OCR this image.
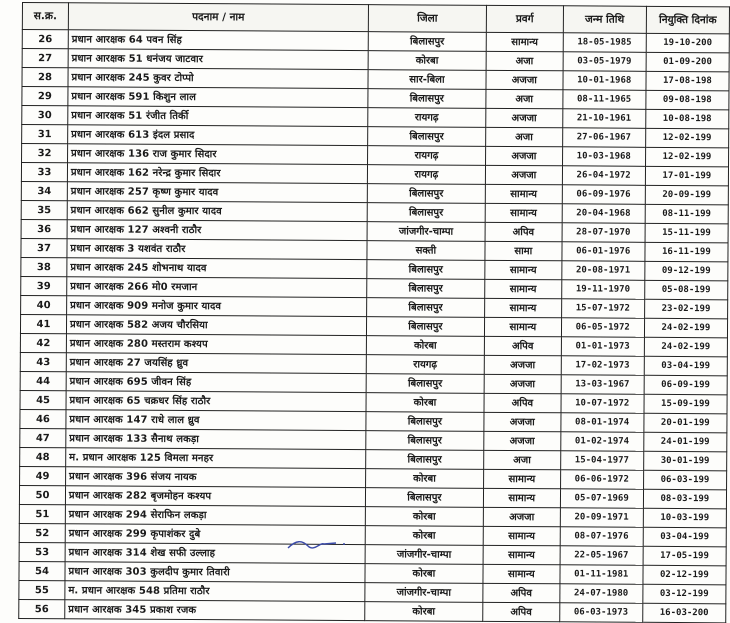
स.क्र.	पदनाम / नाम	जिला	प्रवर्ग	जन्म तिथि	नियुक्ति दिनांक
26	प्रधान आरक्षक 64 पवन सिंह	बिलासपुर	सामान्य	18-05-1985	19-10-200
27	प्रधान आरक्षक 51 धनंजय जाटवार	कोरबा	अजा	03-05-1979	01-09-200
28	प्रधान आरक्षक 245 कुवर टोप्पो	सार-बिला	अजजा	10-01-1968	17-08-198
29	प्रधान आरक्षक 591 किशुन लाल	बिलासपुर	अजा	08-11-1965	09-08-198
30	प्रधान आरक्षक 51 रंजीत तिर्की	रायगढ़	अजजा	21-10-1961	10-08-198
31	प्रधान आरक्षक 613 इंदल प्रसाद	बिलासपुर	अजा	27-06-1967	12-02-199
32	प्रधान आरक्षक 136 राज कुमार सिदार	रायगढ़	अजजा	10-03-1968	12-02-199
33	प्रधान आरक्षक 162 नरेन्द्र कुमार सिदार	रायगढ़	अजजा	26-04-1972	17-01-199
34	प्रधान आरक्षक 257 कृष्ण कुमार यादव	बिलासपुर	सामान्य	06-09-1976	20-09-199
35	प्रधान आरक्षक 662 सुनील कुमार यादव	बिलासपुर	सामान्य	20-04-1968	08-11-199
36	प्रधान आरक्षक 127 अश्वनी राठौर	जांजगीर-चाम्पा	अपिव	28-07-1970	15-11-199
37	प्रधान आरक्षक 3 यशवंत राठौर	सक्ती	सामा	06-01-1976	16-11-199
38	प्रधान आरक्षक 245 शोभनाथ यादव	बिलासपुर	सामान्य	20-08-1971	09-12-199
39	प्रधान आरक्षक 266 मो0 रमजान	बिलासपुर	सामान्य	19-11-1970	05-08-199
40	प्रधान आरक्षक 909 मनोज कुमार यादव	बिलासपुर	सामान्य	15-07-1972	23-02-199
41	प्रधान आरक्षक 582 अजय चौरसिया	बिलासपुर	सामान्य	06-05-1972	24-02-199
42	प्रधान आरक्षक 280 मस्तराम कश्यप	कोरबा	अपिव	01-01-1973	24-02-199
43	प्रधान आरक्षक 27 जयसिंह ध्रुव	रायगढ़	अजजा	17-02-1973	03-04-199
44	प्रधान आरक्षक 695 जीवन सिंह	बिलासपुर	अजजा	13-03-1967	06-09-199
45	प्रधान आरक्षक 65 चक्रधर सिंह राठौर	कोरबा	अपिव	10-07-1972	15-09-199
46	प्रधान आरक्षक 147 राधे लाल ध्रुव	बिलासपुर	अजजा	08-01-1974	20-01-199
47	प्रधान आरक्षक 133 सैनाथ लकड़ा	बिलासपुर	अजजा	01-02-1974	24-01-199
48	म. प्रधान आरक्षक 125 विमला मनहर	बिलासपुर	अजा	15-04-1977	30-01-199
49	प्रधान आरक्षक 396 संजय नायक	कोरबा	सामान्य	06-06-1972	06-03-199
50	प्रधान आरक्षक 282 बृजमोहन कश्यप	बिलासपुर	सामान्य	05-07-1969	08-03-199
51	प्रधान आरक्षक 294 सेराफिन लकड़ा	कोरबा	अजजा	20-09-1971	10-03-199
52	प्रधान आरक्षक 299 कृपाशंकर दुबे	कोरबा	सामान्य	08-07-1976	03-04-199
53	प्रधान आरक्षक 314 शेख सफी उल्लाह	जांजगीर-चाम्पा	सामान्य	22-05-1967	17-05-199
54	प्रधान आरक्षक 303 कुलदीप कुमार तिवारी	कोरबा	सामान्य	01-11-1981	02-12-199
55	म. प्रधान आरक्षक 548 प्रतिमा राठौर	जांजगीर-चाम्पा	अपिव	24-07-1980	03-12-199
56	प्रधान आरक्षक 345 प्रकाश रजक	कोरबा	अपिव	06-03-1973	16-03-200
